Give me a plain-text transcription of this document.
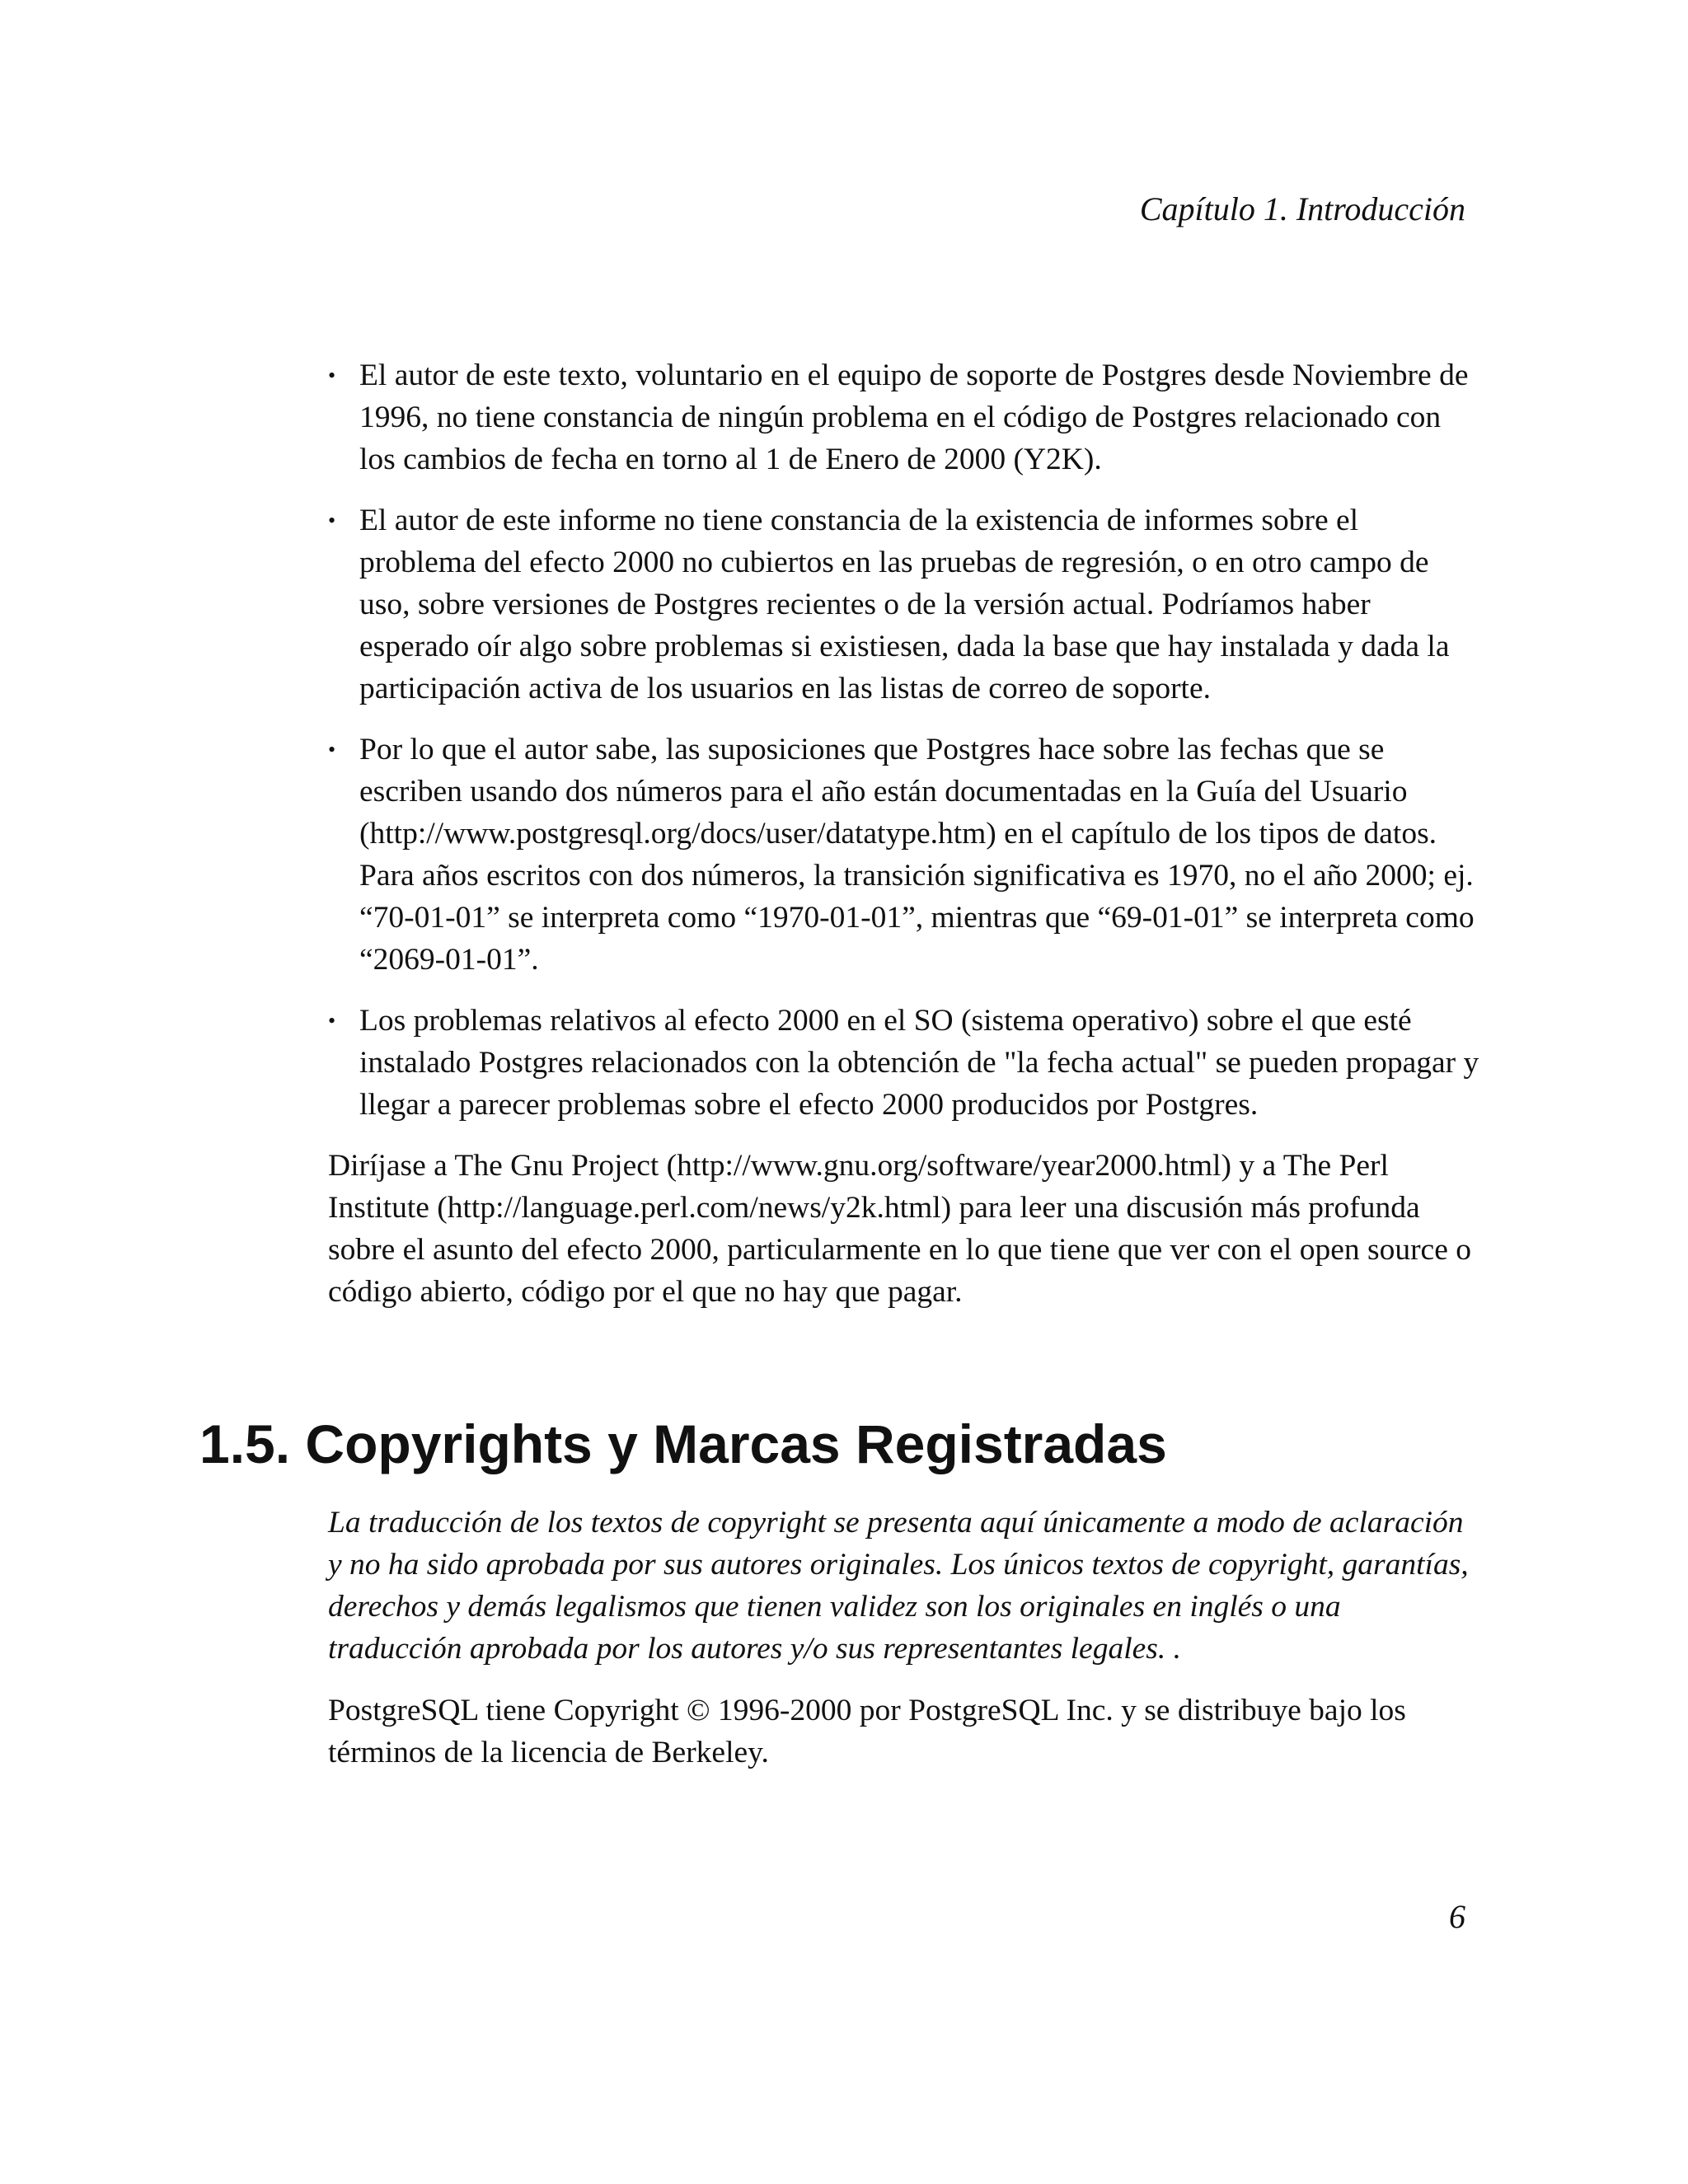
Capítulo 1. Introducción

• El autor de este texto, voluntario en el equipo de soporte de Postgres desde Noviembre de 1996, no tiene constancia de ningún problema en el código de Postgres relacionado con los cambios de fecha en torno al 1 de Enero de 2000 (Y2K).
• El autor de este informe no tiene constancia de la existencia de informes sobre el problema del efecto 2000 no cubiertos en las pruebas de regresión, o en otro campo de uso, sobre versiones de Postgres recientes o de la versión actual. Podríamos haber esperado oír algo sobre problemas si existiesen, dada la base que hay instalada y dada la participación activa de los usuarios en las listas de correo de soporte.
• Por lo que el autor sabe, las suposiciones que Postgres hace sobre las fechas que se escriben usando dos números para el año están documentadas en la Guía del Usuario (http://www.postgresql.org/docs/user/datatype.htm) en el capítulo de los tipos de datos. Para años escritos con dos números, la transición significativa es 1970, no el año 2000; ej. “70-01-01” se interpreta como “1970-01-01”, mientras que “69-01-01” se interpreta como “2069-01-01”.
• Los problemas relativos al efecto 2000 en el SO (sistema operativo) sobre el que esté instalado Postgres relacionados con la obtención de "la fecha actual" se pueden propagar y llegar a parecer problemas sobre el efecto 2000 producidos por Postgres.

Diríjase a The Gnu Project (http://www.gnu.org/software/year2000.html) y a The Perl Institute (http://language.perl.com/news/y2k.html) para leer una discusión más profunda sobre el asunto del efecto 2000, particularmente en lo que tiene que ver con el open source o código abierto, código por el que no hay que pagar.

1.5. Copyrights y Marcas Registradas

La traducción de los textos de copyright se presenta aquí únicamente a modo de aclaración y no ha sido aprobada por sus autores originales. Los únicos textos de copyright, garantías, derechos y demás legalismos que tienen validez son los originales en inglés o una traducción aprobada por los autores y/o sus representantes legales. .

PostgreSQL tiene Copyright © 1996-2000 por PostgreSQL Inc. y se distribuye bajo los términos de la licencia de Berkeley.

6
